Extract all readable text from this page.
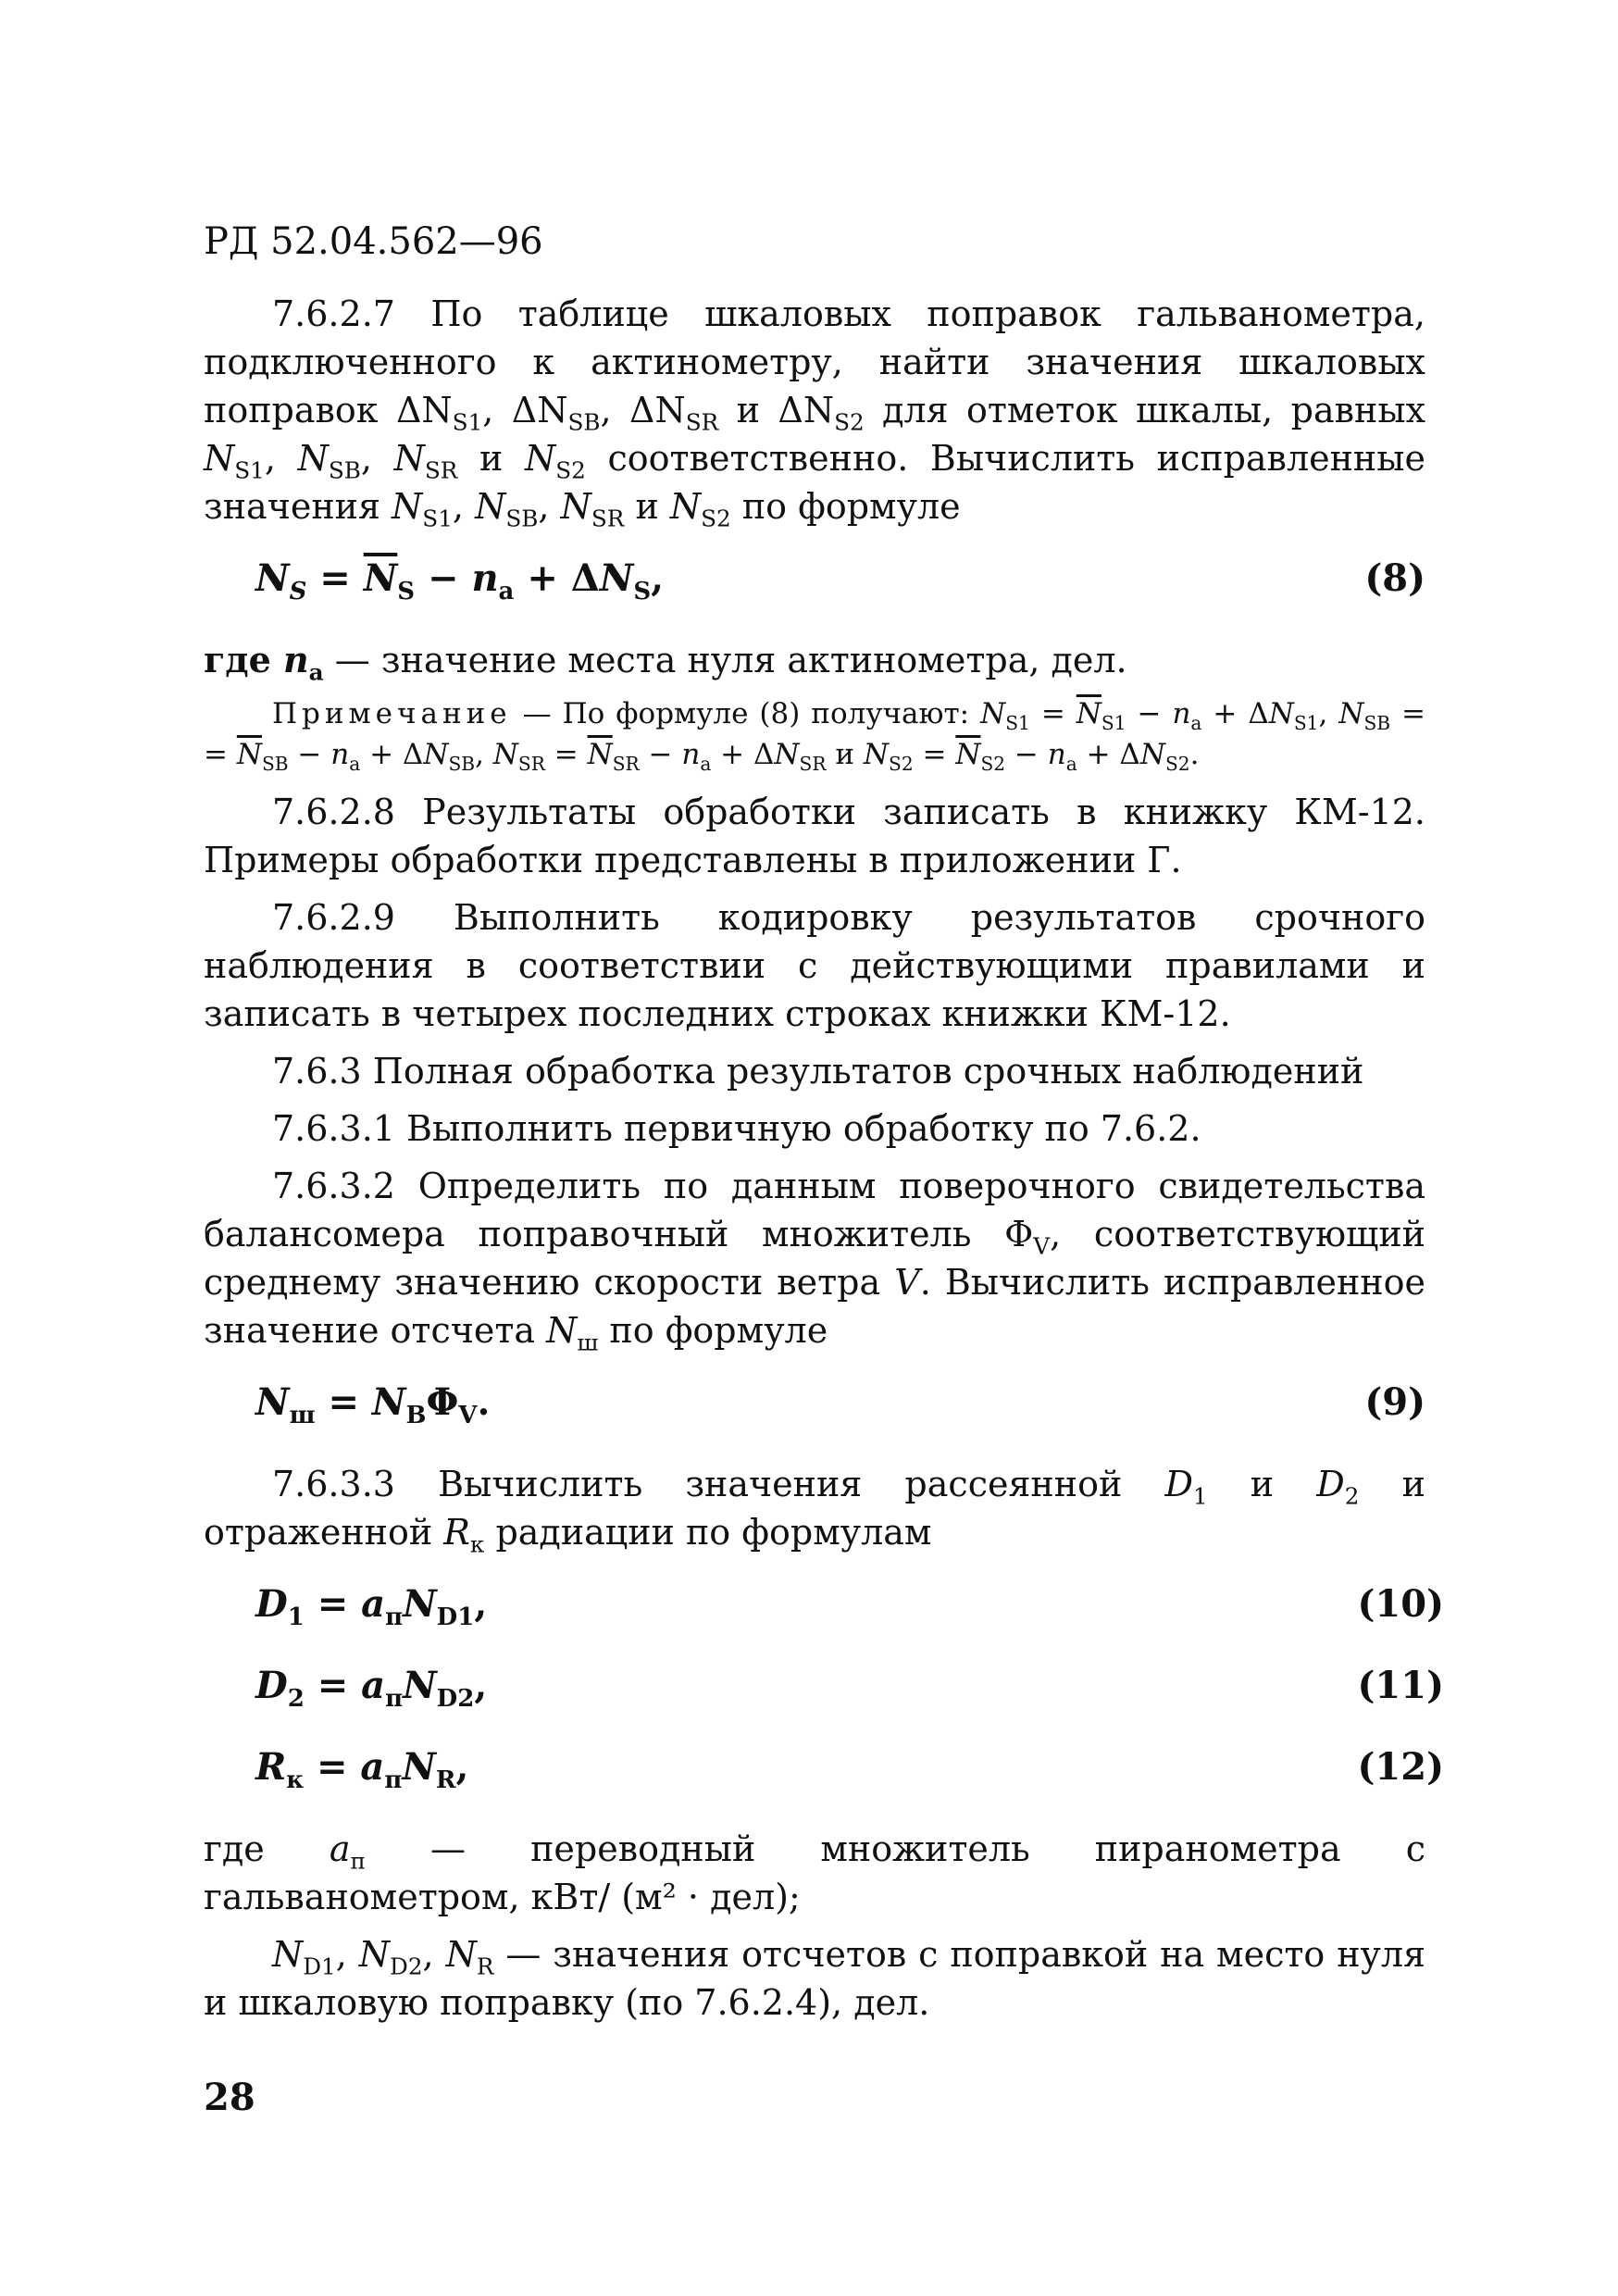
РД 52.04.562—96

7.6.2.7 По таблице шкаловых поправок гальванометра, подключенного к актинометру, найти значения шкаловых поправок $\Delta N_{S1}$, $\Delta N_{SB}$, $\Delta N_{SR}$ и $\Delta N_{S2}$ для отметок шкалы, равных $N_{S1}$, $N_{SB}$, $N_{SR}$ и $N_{S2}$ соответственно. Вычислить исправленные значения $N_{S1}$, $N_{SB}$, $N_{SR}$ и $N_{S2}$ по формуле

$N_S = \overline{N}_S - n_а + \Delta N_S$,	(8)

где $n_а$ — значение места нуля актинометра, дел.

Примечание — По формуле (8) получают: $N_{S1} = \overline{N}_{S1} - n_а + \Delta N_{S1}$, $N_{SB}$ = = $\overline{N}_{SB} - n_а + \Delta N_{SB}$, $N_{SR} = \overline{N}_{SR} - n_а + \Delta N_{SR}$ и $N_{S2} = \overline{N}_{S2} - n_а + \Delta N_{S2}$.

7.6.2.8 Результаты обработки записать в книжку КМ-12. Примеры обработки представлены в приложении Г.

7.6.2.9 Выполнить кодировку результатов срочного наблюдения в соответствии с действующими правилами и записать в четырех последних строках книжки КМ-12.

7.6.3 Полная обработка результатов срочных наблюдений

7.6.3.1 Выполнить первичную обработку по 7.6.2.

7.6.3.2 Определить по данным поверочного свидетельства балансомера поправочный множитель $\Phi_V$, соответствующий среднему значению скорости ветра V. Вычислить исправленное значение отсчета $N_ш$ по формуле

$N_ш = N_B\Phi_V$.	(9)

7.6.3.3 Вычислить значения рассеянной $D_1$ и $D_2$ и отраженной $R_к$ радиации по формулам

$D_1 = a_пN_{D1}$,	(10)
$D_2 = a_пN_{D2}$,	(11)
$R_к = a_пN_R$,	(12)

где $a_п$ — переводный множитель пиранометра с гальванометром, кВт/ (м² · дел);

$N_{D1}$, $N_{D2}$, $N_R$ — значения отсчетов с поправкой на место нуля и шкаловую поправку (по 7.6.2.4), дел.

28
